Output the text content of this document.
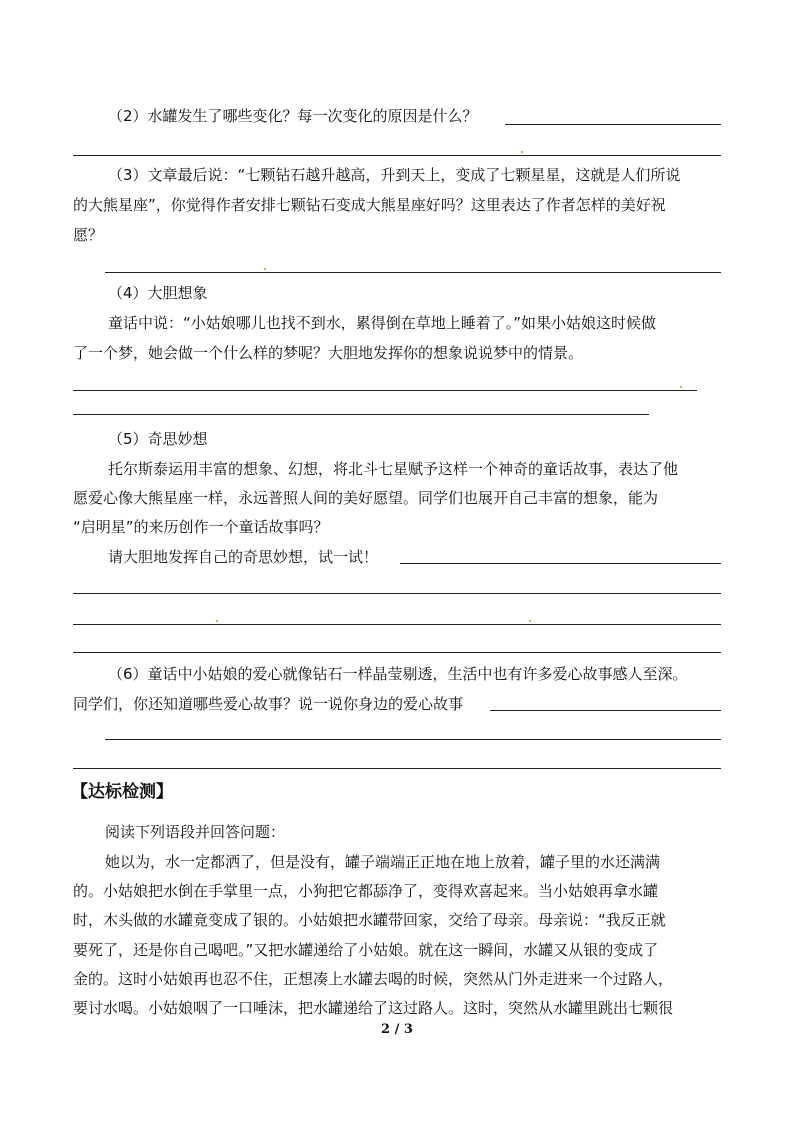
（2）水罐发生了哪些变化？每一次变化的原因是什么？
（3）文章最后说：“七颗钻石越升越高，升到天上，变成了七颗星星，这就是人们所说
的大熊星座”，你觉得作者安排七颗钻石变成大熊星座好吗？这里表达了作者怎样的美好祝
愿？
（4）大胆想象
童话中说：“小姑娘哪儿也找不到水，累得倒在草地上睡着了。”如果小姑娘这时候做
了一个梦，她会做一个什么样的梦呢？大胆地发挥你的想象说说梦中的情景。
（5）奇思妙想
托尔斯泰运用丰富的想象、幻想，将北斗七星赋予这样一个神奇的童话故事，表达了他
愿爱心像大熊星座一样，永远普照人间的美好愿望。同学们也展开自己丰富的想象，能为
“启明星”的来历创作一个童话故事吗？
请大胆地发挥自己的奇思妙想，试一试！
（6）童话中小姑娘的爱心就像钻石一样晶莹剔透，生活中也有许多爱心故事感人至深。
同学们，你还知道哪些爱心故事？说一说你身边的爱心故事
【达标检测】
阅读下列语段并回答问题：
她以为，水一定都洒了，但是没有，罐子端端正正地在地上放着，罐子里的水还满满
的。小姑娘把水倒在手掌里一点，小狗把它都舔净了，变得欢喜起来。当小姑娘再拿水罐
时，木头做的水罐竟变成了银的。小姑娘把水罐带回家，交给了母亲。母亲说：“我反正就
要死了，还是你自己喝吧。”又把水罐递给了小姑娘。就在这一瞬间，水罐又从银的变成了
金的。这时小姑娘再也忍不住，正想凑上水罐去喝的时候，突然从门外走进来一个过路人，
要讨水喝。小姑娘咽了一口唾沫，把水罐递给了这过路人。这时，突然从水罐里跳出七颗很
2 / 3
